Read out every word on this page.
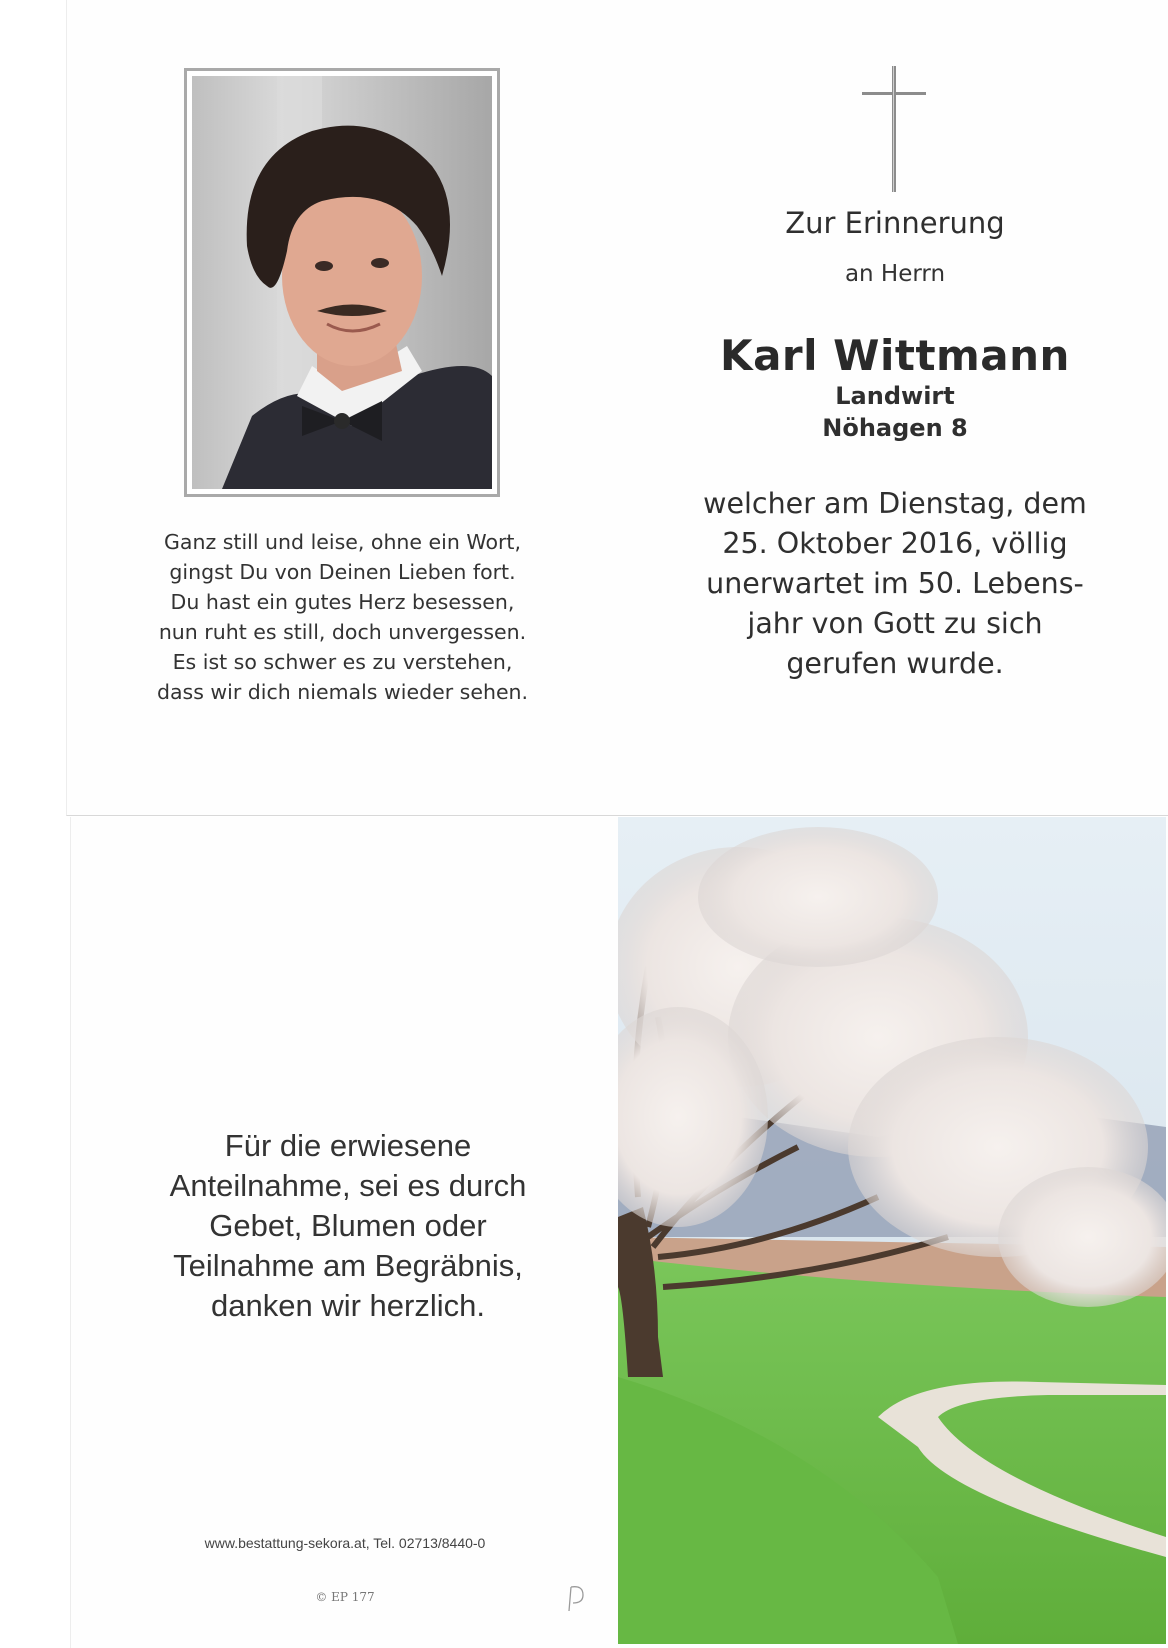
Ganz still und leise, ohne ein Wort,
gingst Du von Deinen Lieben fort.
Du hast ein gutes Herz besessen,
nun ruht es still, doch unvergessen.
Es ist so schwer es zu verstehen,
dass wir dich niemals wieder sehen.
Zur Erinnerung
an Herrn
Karl Wittmann
Landwirt
Nöhagen 8
welcher am Dienstag, dem
25. Oktober 2016, völlig
unerwartet im 50. Lebens-
jahr von Gott zu sich
gerufen wurde.
Für die erwiesene
Anteilnahme, sei es durch
Gebet, Blumen oder
Teilnahme am Begräbnis,
danken wir herzlich.
www.bestattung-sekora.at, Tel. 02713/8440-0
© EP 177
